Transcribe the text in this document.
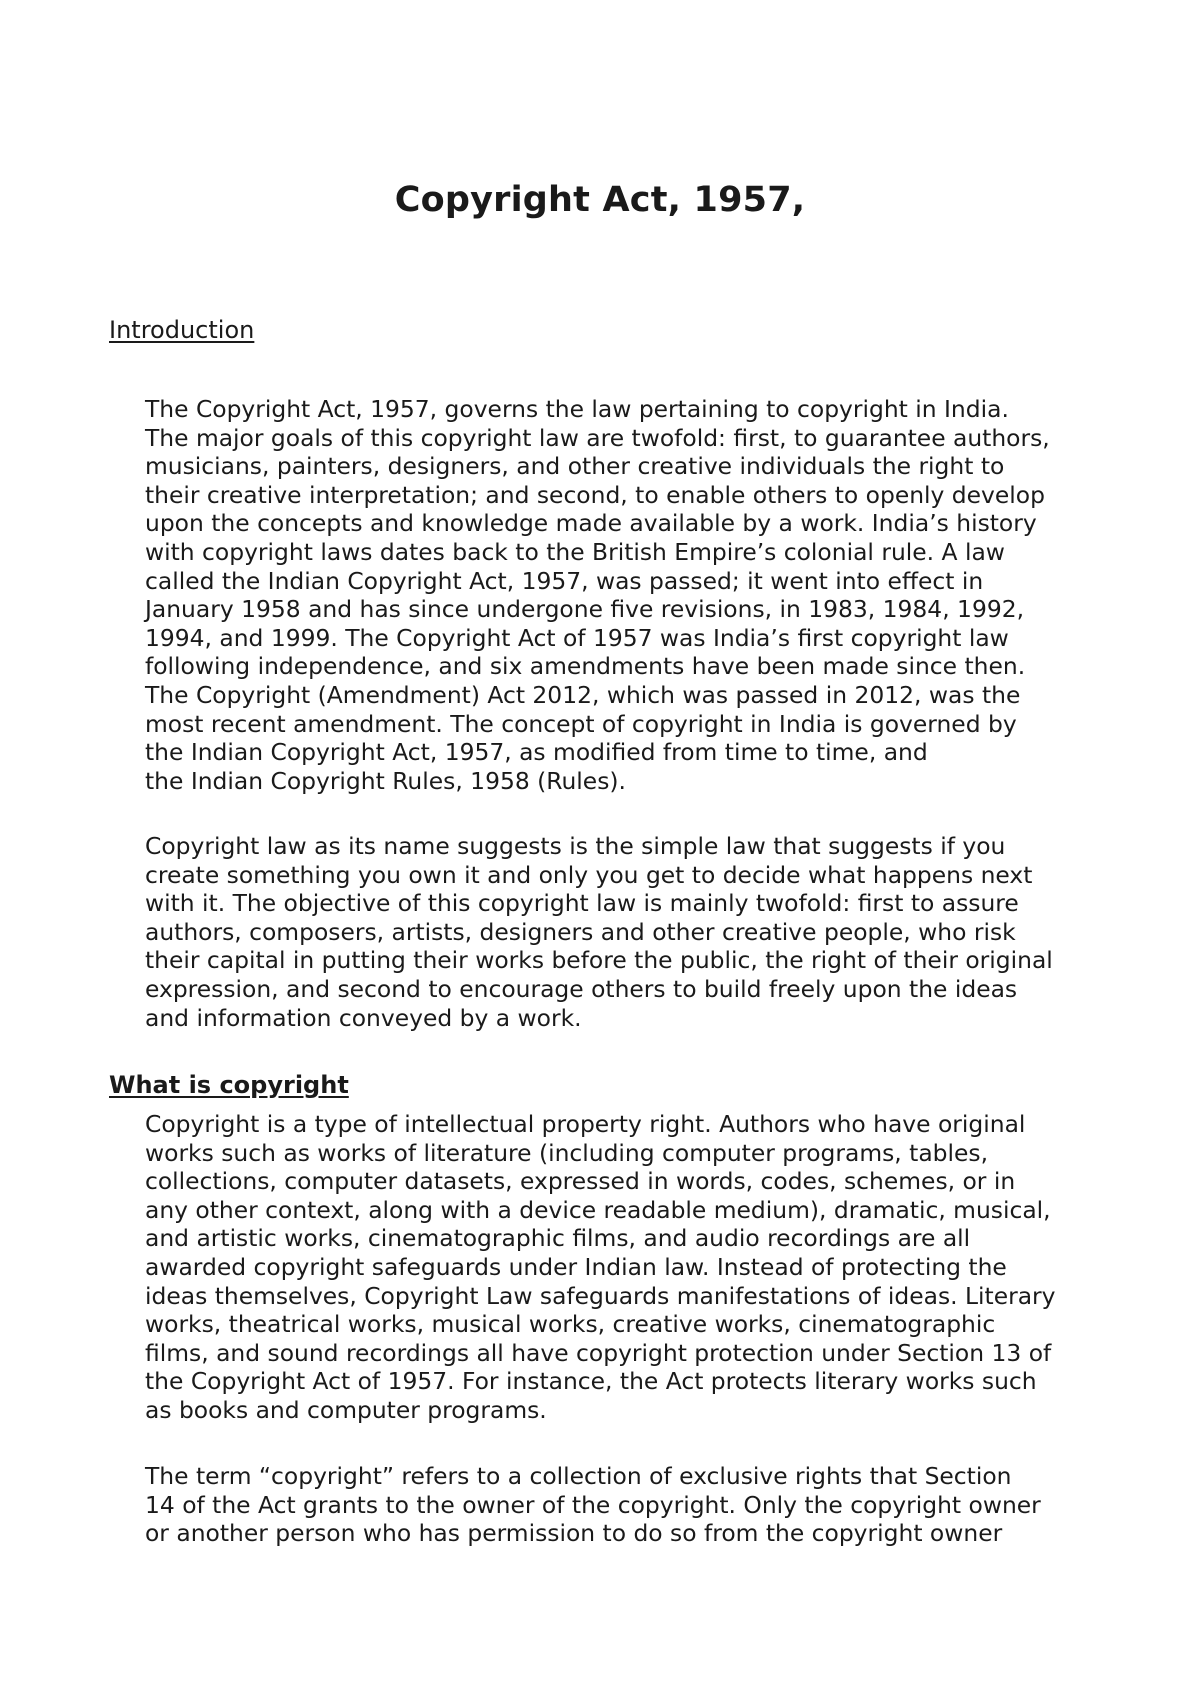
Copyright Act, 1957,
Introduction

The Copyright Act, 1957, governs the law pertaining to copyright in India.
The major goals of this copyright law are twofold: first, to guarantee authors,
musicians, painters, designers, and other creative individuals the right to
their creative interpretation; and second, to enable others to openly develop
upon the concepts and knowledge made available by a work. India’s history
with copyright laws dates back to the British Empire’s colonial rule. A law
called the Indian Copyright Act, 1957, was passed; it went into effect in
January 1958 and has since undergone five revisions, in 1983, 1984, 1992,
1994, and 1999. The Copyright Act of 1957 was India’s first copyright law
following independence, and six amendments have been made since then.
The Copyright (Amendment) Act 2012, which was passed in 2012, was the
most recent amendment. The concept of copyright in India is governed by
the Indian Copyright Act, 1957, as modified from time to time, and
the Indian Copyright Rules, 1958 (Rules).

Copyright law as its name suggests is the simple law that suggests if you
create something you own it and only you get to decide what happens next
with it. The objective of this copyright law is mainly twofold: first to assure
authors, composers, artists, designers and other creative people, who risk
their capital in putting their works before the public, the right of their original
expression, and second to encourage others to build freely upon the ideas
and information conveyed by a work.

What is copyright

Copyright is a type of intellectual property right. Authors who have original
works such as works of literature (including computer programs, tables,
collections, computer datasets, expressed in words, codes, schemes, or in
any other context, along with a device readable medium), dramatic, musical,
and artistic works, cinematographic films, and audio recordings are all
awarded copyright safeguards under Indian law. Instead of protecting the
ideas themselves, Copyright Law safeguards manifestations of ideas. Literary
works, theatrical works, musical works, creative works, cinematographic
films, and sound recordings all have copyright protection under Section 13 of
the Copyright Act of 1957. For instance, the Act protects literary works such
as books and computer programs.

The term “copyright” refers to a collection of exclusive rights that Section
14 of the Act grants to the owner of the copyright. Only the copyright owner
or another person who has permission to do so from the copyright owner
